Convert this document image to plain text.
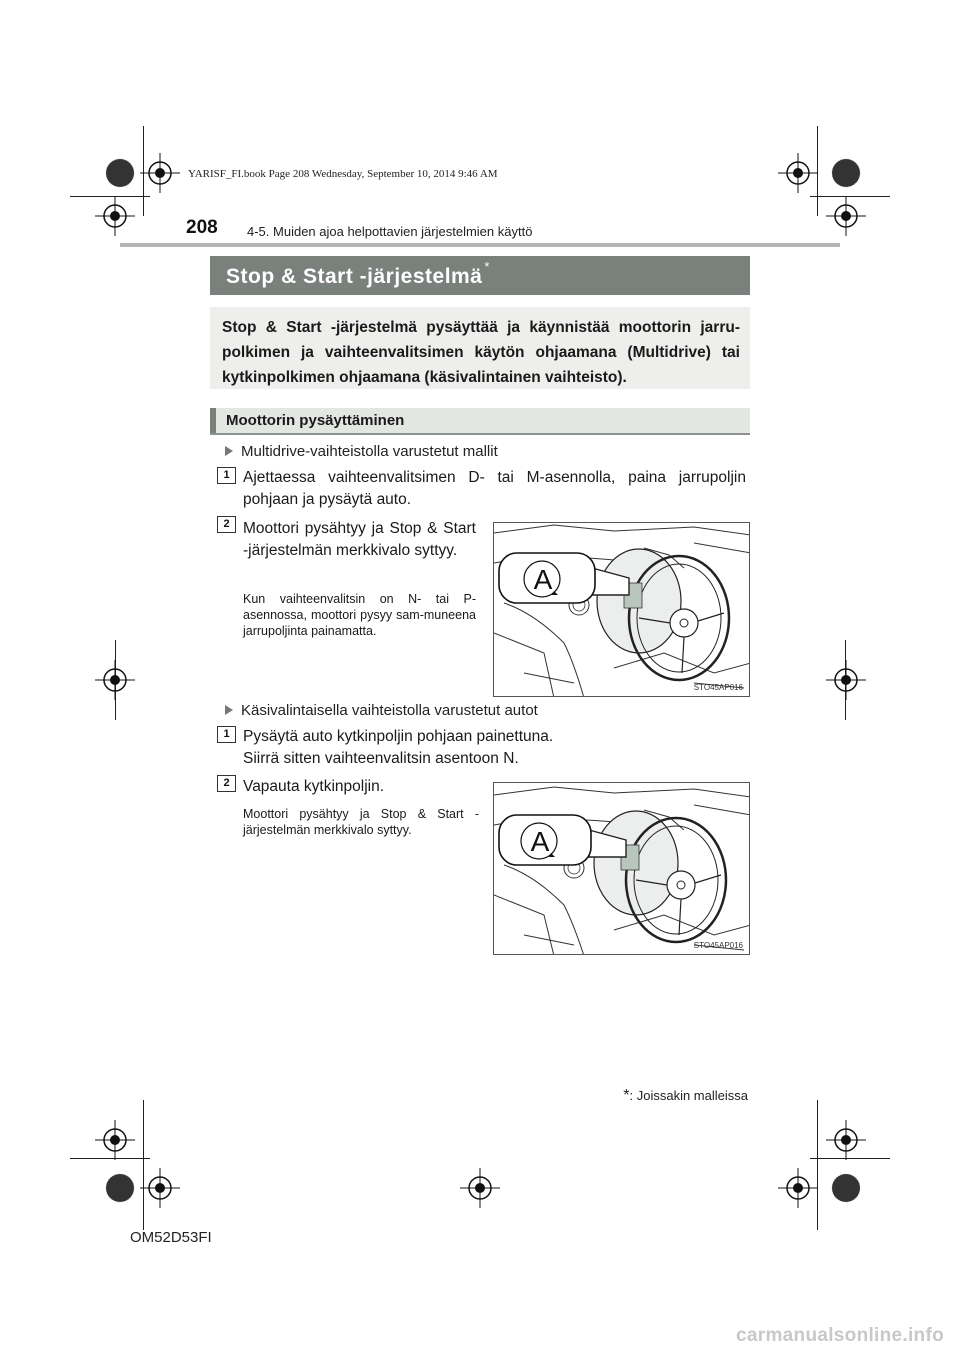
YARISF_FI.book Page 208 Wednesday, September 10, 2014 9:46 AM
208 4-5. Muiden ajoa helpottavien järjestelmien käyttö
Stop & Start -järjestelmä *

Stop & Start -järjestelmä pysäyttää ja käynnistää moottorin jarru-polkimen ja vaihteenvalitsimen käytön ohjaamana (Multidrive) tai kytkinpolkimen ohjaamana (käsivalintainen vaihteisto).

Moottorin pysäyttäminen
Multidrive-vaihteistolla varustetut mallit
1 Ajettaessa vaihteenvalitsimen D- tai M-asennolla, paina jarrupoljin pohjaan ja pysäytä auto.
2 Moottori pysähtyy ja Stop & Start -järjestelmän merkkivalo syttyy.
Kun vaihteenvalitsin on N- tai P-asennossa, moottori pysyy sam-muneena jarrupoljinta painamatta.
A
STO45AP016
Käsivalintaisella vaihteistolla varustetut autot
1 Pysäytä auto kytkinpoljin pohjaan painettuna.
Siirrä sitten vaihteenvalitsin asentoon N.
2 Vapauta kytkinpoljin.
Moottori pysähtyy ja Stop & Start -järjestelmän merkkivalo syttyy.	A
STO45AP016
*: Joissakin malleissa
OM52D53FI
carmanualsonline.info
